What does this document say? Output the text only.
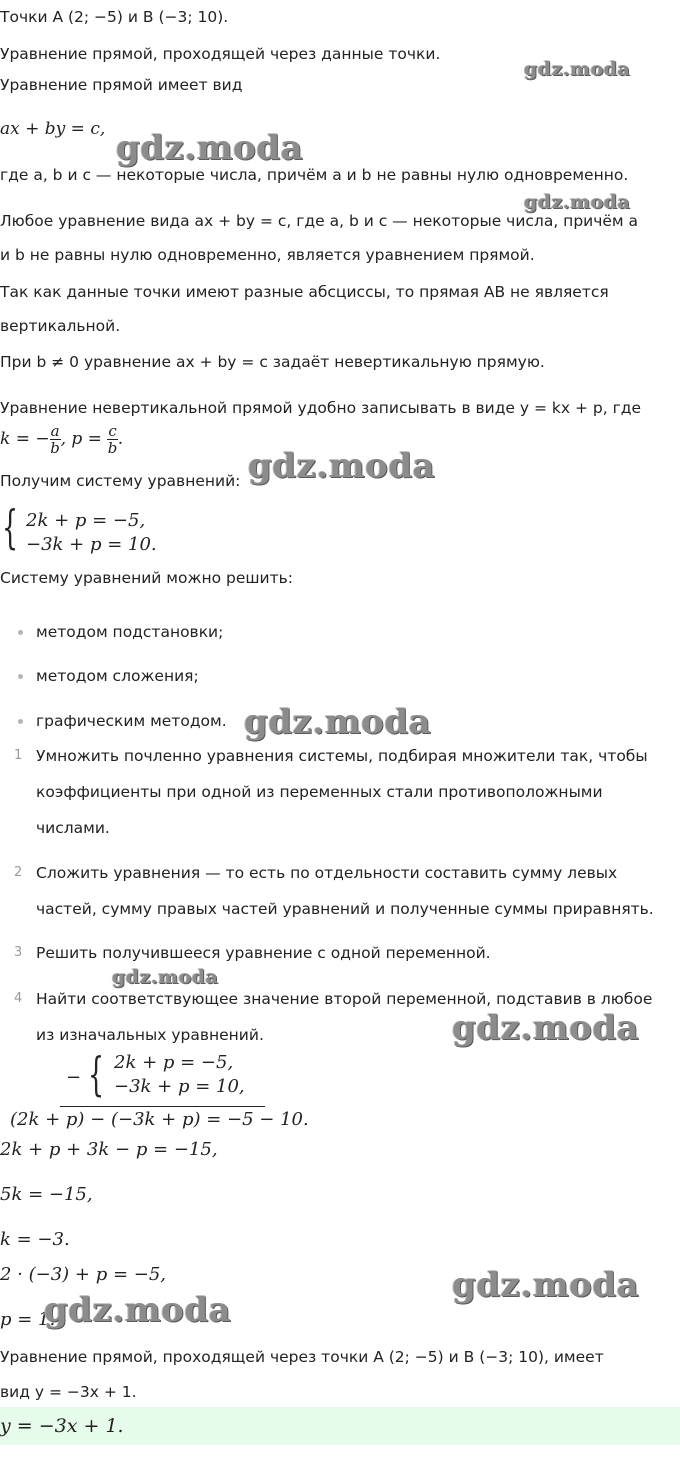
Точки A (2; −5) и B (−3; 10).
Уравнение прямой, проходящей через данные точки.
Уравнение прямой имеет вид
ax + by = c,
где a, b и c — некоторые числа, причём a и b не равны нулю одновременно.
Любое уравнение вида ax + by = c, где a, b и c — некоторые числа, причём a
и b не равны нулю одновременно, является уравнением прямой.
Так как данные точки имеют разные абсциссы, то прямая AB не является
вертикальной.
При b ≠ 0 уравнение ax + by = c задаёт невертикальную прямую.
Уравнение невертикальной прямой удобно записывать в виде y = kx + p, где
k = − $\frac{a}{b}$ , $p = \frac{c}{b}$ .
Получим систему уравнений:
{ 2k + p = −5,
−3k + p = 10.
Систему уравнений можно решить:
методом подстановки;
методом сложения;
графическим методом.
1 Умножить почленно уравнения системы, подбирая множители так, чтобы
коэффициенты при одной из переменных стали противоположными
числами.
2 Сложить уравнения — то есть по отдельности составить сумму левых
частей, сумму правых частей уравнений и полученные суммы приравнять.
3 Решить получившееся уравнение с одной переменной.
4 Найти соответствующее значение второй переменной, подставив в любое
из изначальных уравнений.
− { 2k + p = −5,
−3k + p = 10,
(2k + p) − (−3k + p) = −5 − 10.
2k + p + 3k − p = −15,
5k = −15,
k = −3.
2 · (−3) + p = −5,
p = 1.
Уравнение прямой, проходящей через точки A (2; −5) и B (−3; 10), имеет
вид y = −3x + 1.
y = −3x + 1.
gdz.moda
gdz.moda
gdz.moda
gdz.moda
gdz.moda
gdz.moda
gdz.moda
gdz.moda
gdz.moda
